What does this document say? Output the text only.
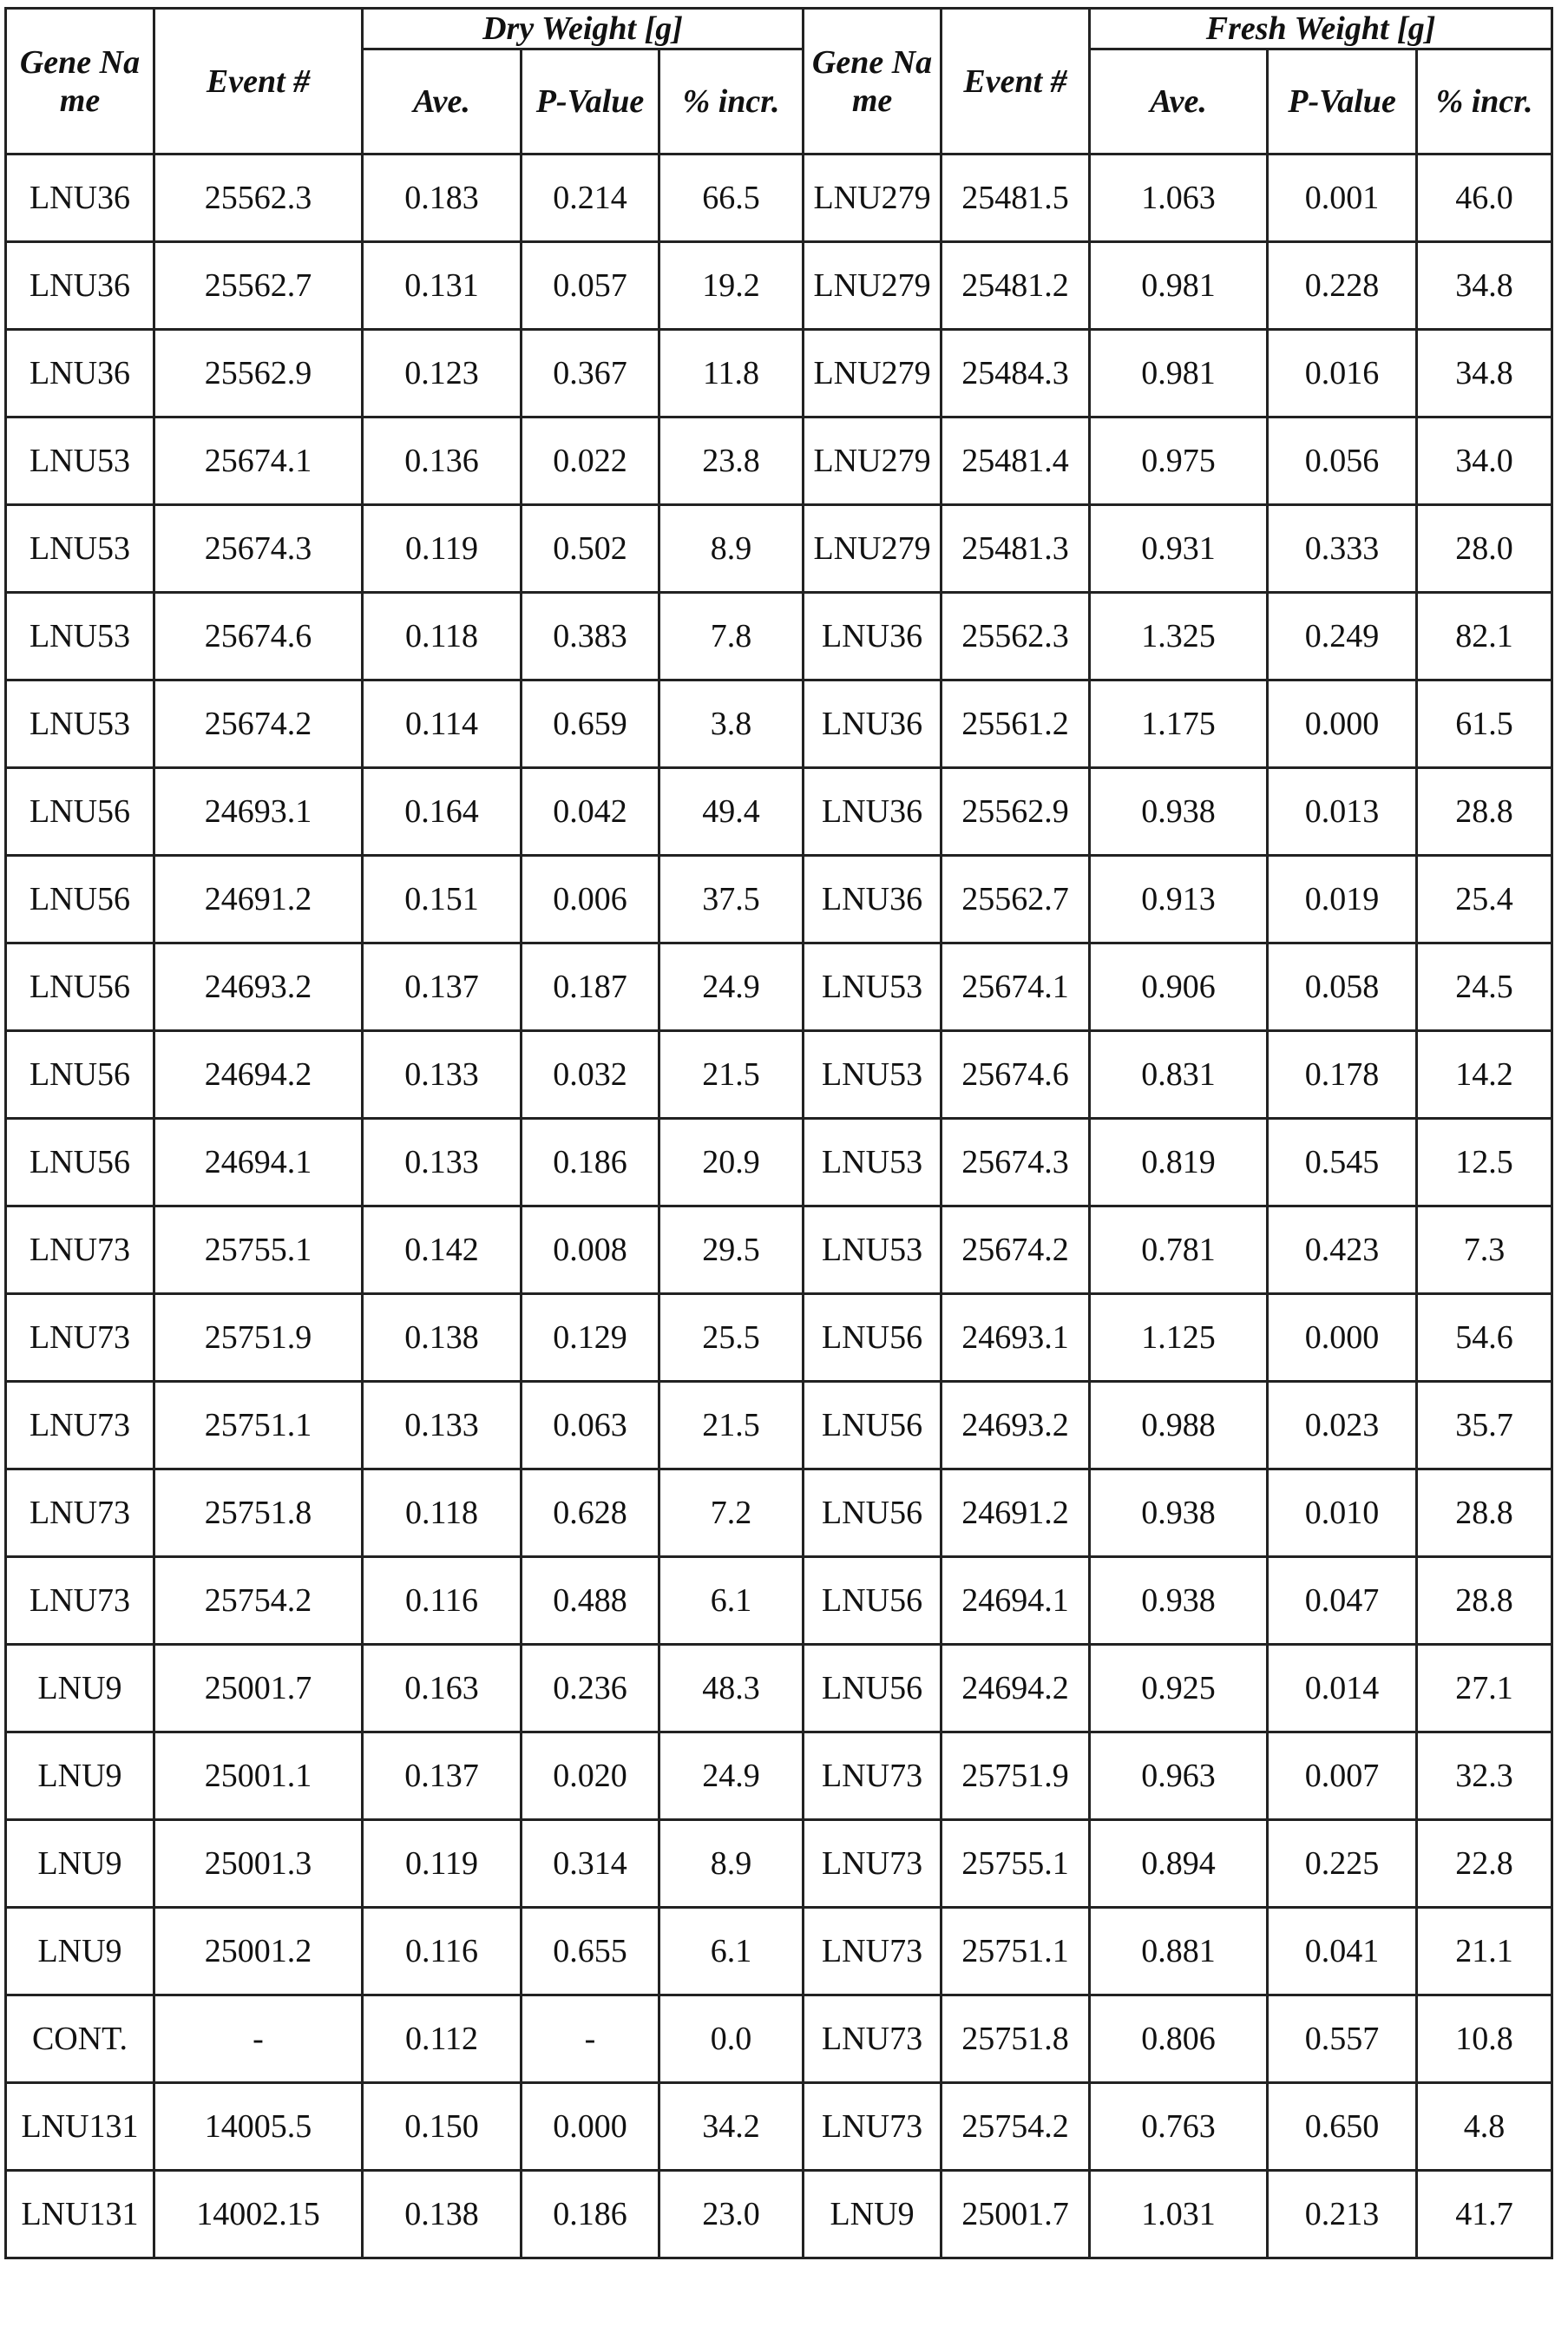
Gene Name	Event #	Dry Weight [g]	Gene Name	Event #	Fresh Weight [g]
Ave.	P-Value	% incr.	Ave.	P-Value	% incr.
LNU36	25562.3	0.183	0.214	66.5	LNU279	25481.5	1.063	0.001	46.0
LNU36	25562.7	0.131	0.057	19.2	LNU279	25481.2	0.981	0.228	34.8
LNU36	25562.9	0.123	0.367	11.8	LNU279	25484.3	0.981	0.016	34.8
LNU53	25674.1	0.136	0.022	23.8	LNU279	25481.4	0.975	0.056	34.0
LNU53	25674.3	0.119	0.502	8.9	LNU279	25481.3	0.931	0.333	28.0
LNU53	25674.6	0.118	0.383	7.8	LNU36	25562.3	1.325	0.249	82.1
LNU53	25674.2	0.114	0.659	3.8	LNU36	25561.2	1.175	0.000	61.5
LNU56	24693.1	0.164	0.042	49.4	LNU36	25562.9	0.938	0.013	28.8
LNU56	24691.2	0.151	0.006	37.5	LNU36	25562.7	0.913	0.019	25.4
LNU56	24693.2	0.137	0.187	24.9	LNU53	25674.1	0.906	0.058	24.5
LNU56	24694.2	0.133	0.032	21.5	LNU53	25674.6	0.831	0.178	14.2
LNU56	24694.1	0.133	0.186	20.9	LNU53	25674.3	0.819	0.545	12.5
LNU73	25755.1	0.142	0.008	29.5	LNU53	25674.2	0.781	0.423	7.3
LNU73	25751.9	0.138	0.129	25.5	LNU56	24693.1	1.125	0.000	54.6
LNU73	25751.1	0.133	0.063	21.5	LNU56	24693.2	0.988	0.023	35.7
LNU73	25751.8	0.118	0.628	7.2	LNU56	24691.2	0.938	0.010	28.8
LNU73	25754.2	0.116	0.488	6.1	LNU56	24694.1	0.938	0.047	28.8
LNU9	25001.7	0.163	0.236	48.3	LNU56	24694.2	0.925	0.014	27.1
LNU9	25001.1	0.137	0.020	24.9	LNU73	25751.9	0.963	0.007	32.3
LNU9	25001.3	0.119	0.314	8.9	LNU73	25755.1	0.894	0.225	22.8
LNU9	25001.2	0.116	0.655	6.1	LNU73	25751.1	0.881	0.041	21.1
CONT.	-	0.112	-	0.0	LNU73	25751.8	0.806	0.557	10.8
LNU131	14005.5	0.150	0.000	34.2	LNU73	25754.2	0.763	0.650	4.8
LNU131	14002.15	0.138	0.186	23.0	LNU9	25001.7	1.031	0.213	41.7
